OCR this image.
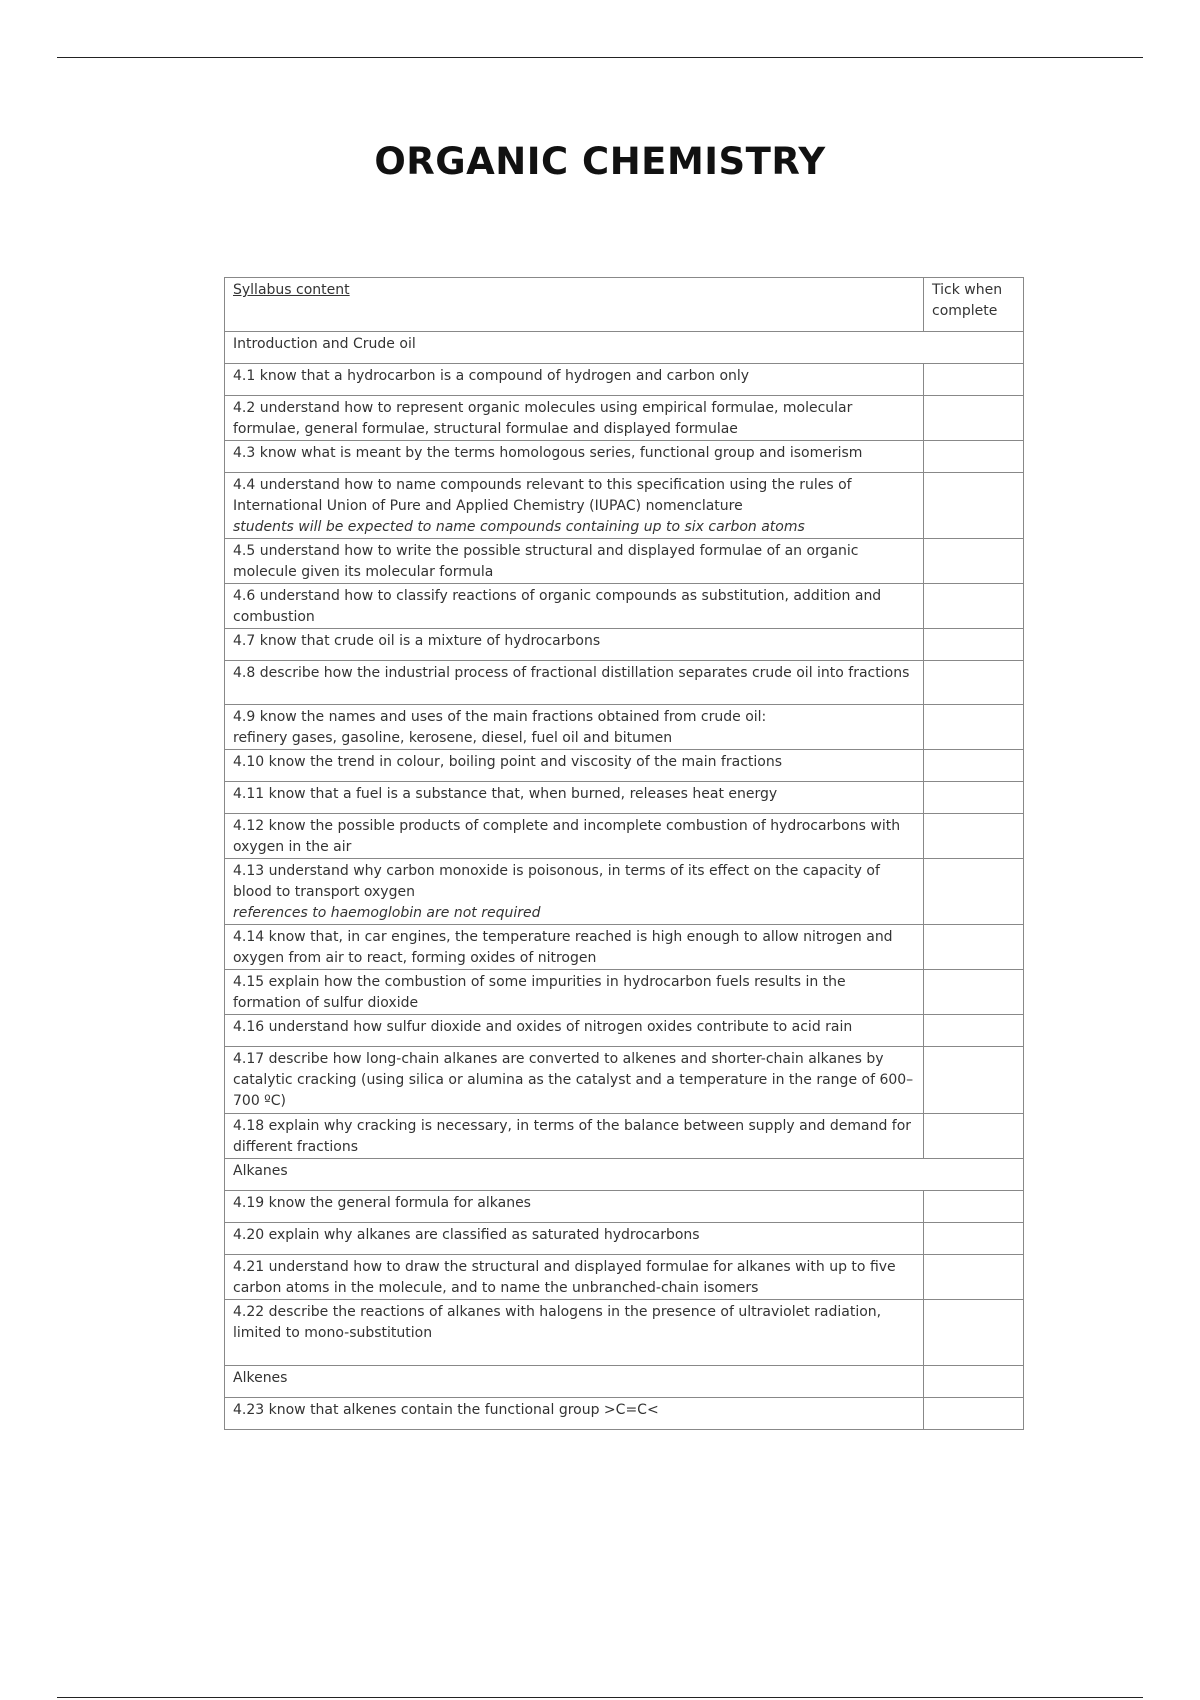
ORGANIC CHEMISTRY
Syllabus content	Tick when complete
Introduction and Crude oil	
4.1 know that a hydrocarbon is a compound of hydrogen and carbon only	
4.2 understand how to represent organic molecules using empirical formulae, molecular formulae, general formulae, structural formulae and displayed formulae	
4.3 know what is meant by the terms homologous series, functional group and isomerism	
4.4 understand how to name compounds relevant to this specification using the rules of International Union of Pure and Applied Chemistry (IUPAC) nomenclature
students will be expected to name compounds containing up to six carbon atoms	
4.5 understand how to write the possible structural and displayed formulae of an organic molecule given its molecular formula	
4.6 understand how to classify reactions of organic compounds as substitution, addition and combustion	
4.7 know that crude oil is a mixture of hydrocarbons	
4.8 describe how the industrial process of fractional distillation separates crude oil into fractions	
4.9 know the names and uses of the main fractions obtained from crude oil:
refinery gases, gasoline, kerosene, diesel, fuel oil and bitumen	
4.10 know the trend in colour, boiling point and viscosity of the main fractions	
4.11 know that a fuel is a substance that, when burned, releases heat energy	
4.12 know the possible products of complete and incomplete combustion of hydrocarbons with oxygen in the air	
4.13 understand why carbon monoxide is poisonous, in terms of its effect on the capacity of blood to transport oxygen
references to haemoglobin are not required	
4.14 know that, in car engines, the temperature reached is high enough to allow nitrogen and oxygen from air to react, forming oxides of nitrogen	
4.15 explain how the combustion of some impurities in hydrocarbon fuels results in the formation of sulfur dioxide	
4.16 understand how sulfur dioxide and oxides of nitrogen oxides contribute to acid rain	
4.17 describe how long-chain alkanes are converted to alkenes and shorter-chain alkanes by catalytic cracking (using silica or alumina as the catalyst and a temperature in the range of 600–700 ºC)	
4.18 explain why cracking is necessary, in terms of the balance between supply and demand for different fractions	
Alkanes	
4.19 know the general formula for alkanes	
4.20 explain why alkanes are classified as saturated hydrocarbons	
4.21 understand how to draw the structural and displayed formulae for alkanes with up to five carbon atoms in the molecule, and to name the unbranched-chain isomers	
4.22 describe the reactions of alkanes with halogens in the presence of ultraviolet radiation, limited to mono-substitution	
Alkenes	
4.23 know that alkenes contain the functional group >C=C<	
